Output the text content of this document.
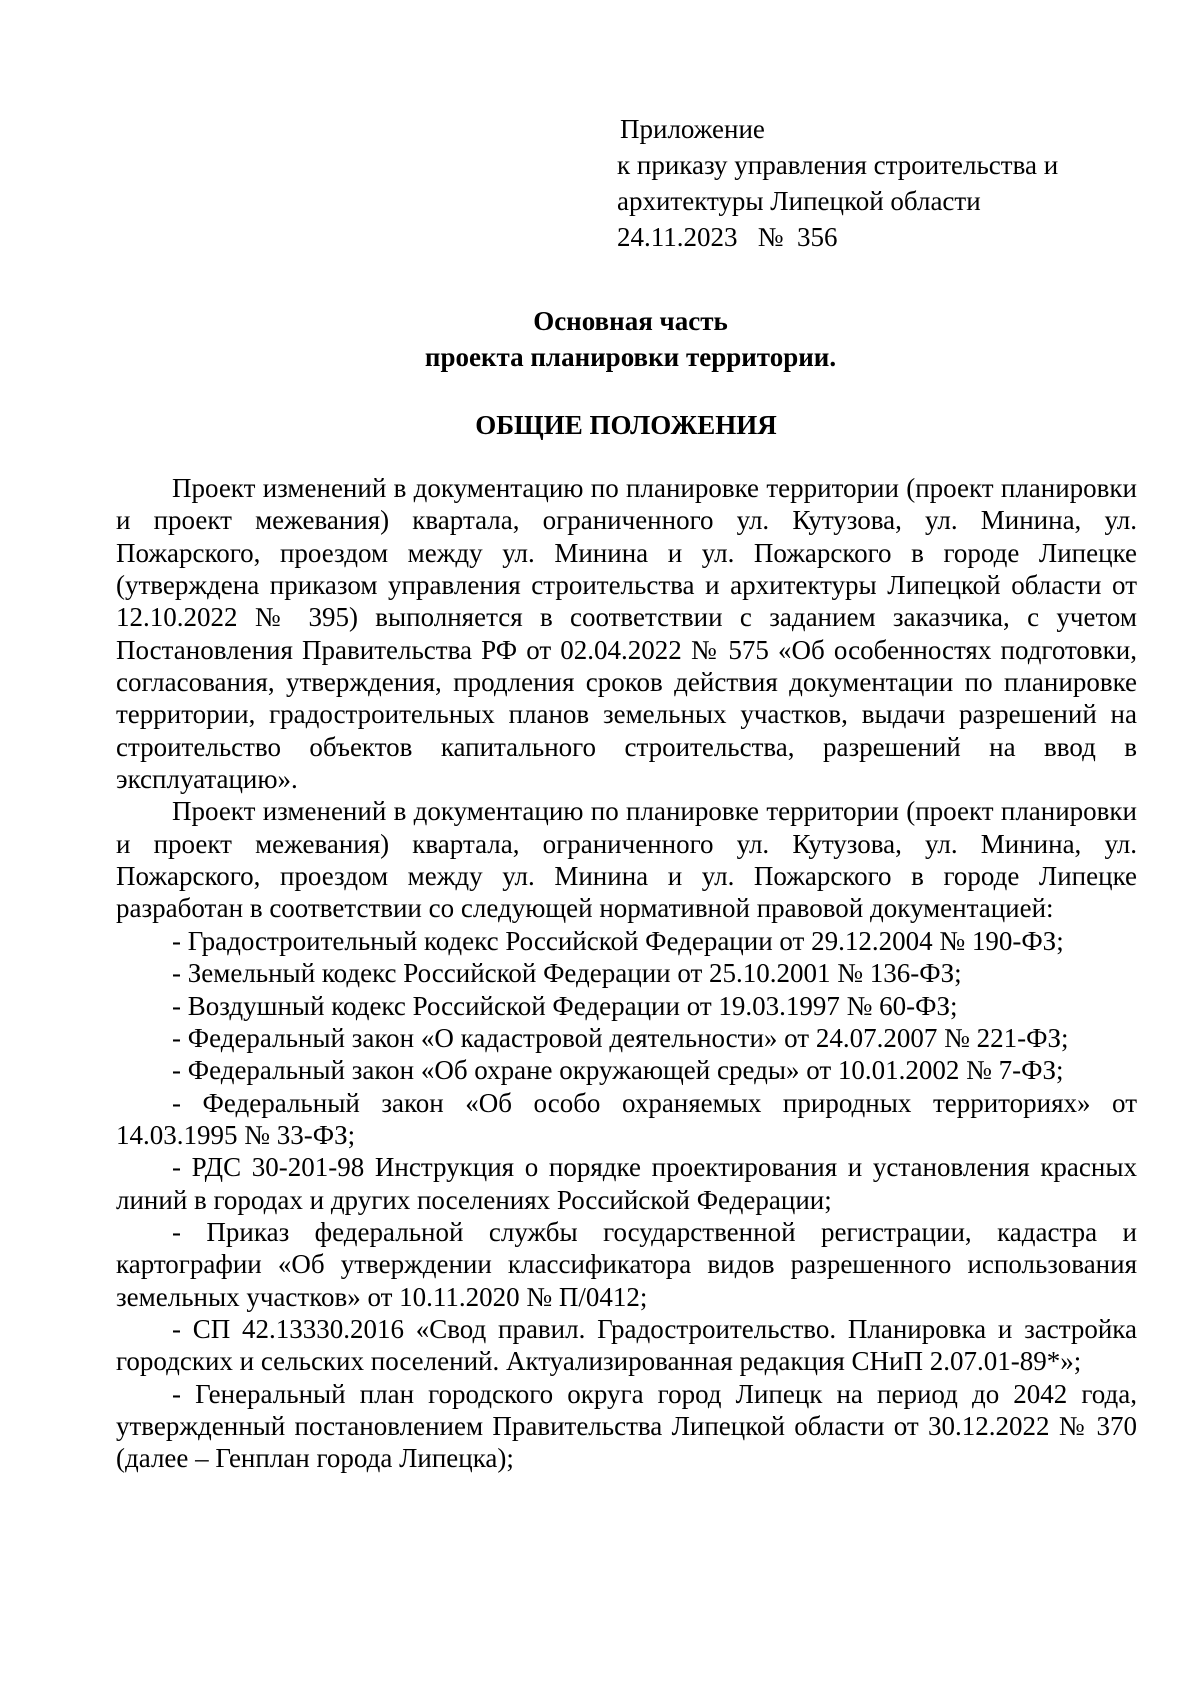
Приложение
к приказу управления строительства и
архитектуры Липецкой области
24.11.2023   №  356
Основная часть
проекта планировки территории.
ОБЩИЕ ПОЛОЖЕНИЯ

Проект изменений в документацию по планировке территории (проект планировки и проект межевания) квартала, ограниченного ул. Кутузова, ул. Минина, ул. Пожарского, проездом между ул. Минина и ул. Пожарского в городе Липецке (утверждена приказом управления строительства и архитектуры Липецкой области от 12.10.2022 № 395) выполняется в соответствии с заданием заказчика, с учетом Постановления Правительства РФ от 02.04.2022 № 575 «Об особенностях подготовки, согласования, утверждения, продления сроков действия документации по планировке территории, градостроительных планов земельных участков, выдачи разрешений на строительство объектов капитального строительства, разрешений на ввод в эксплуатацию».

Проект изменений в документацию по планировке территории (проект планировки и проект межевания) квартала, ограниченного ул. Кутузова, ул. Минина, ул. Пожарского, проездом между ул. Минина и ул. Пожарского в городе Липецке разработан в соответствии со следующей нормативной правовой документацией:

- Градостроительный кодекс Российской Федерации от 29.12.2004 № 190-ФЗ;

- Земельный кодекс Российской Федерации от 25.10.2001 № 136-ФЗ;

- Воздушный кодекс Российской Федерации от 19.03.1997 № 60-ФЗ;

- Федеральный закон «О кадастровой деятельности» от 24.07.2007 № 221-ФЗ;

- Федеральный закон «Об охране окружающей среды» от 10.01.2002 № 7-ФЗ;

- Федеральный закон «Об особо охраняемых природных территориях» от 14.03.1995 № 33-ФЗ;

- РДС 30-201-98 Инструкция о порядке проектирования и установления красных линий в городах и других поселениях Российской Федерации;

- Приказ федеральной службы государственной регистрации, кадастра и картографии «Об утверждении классификатора видов разрешенного использования земельных участков» от 10.11.2020 № П/0412;

- СП 42.13330.2016 «Свод правил. Градостроительство. Планировка и застройка городских и сельских поселений. Актуализированная редакция СНиП 2.07.01-89*»;

- Генеральный план городского округа город Липецк на период до 2042 года, утвержденный постановлением Правительства Липецкой области от 30.12.2022 № 370 (далее – Генплан города Липецка);
